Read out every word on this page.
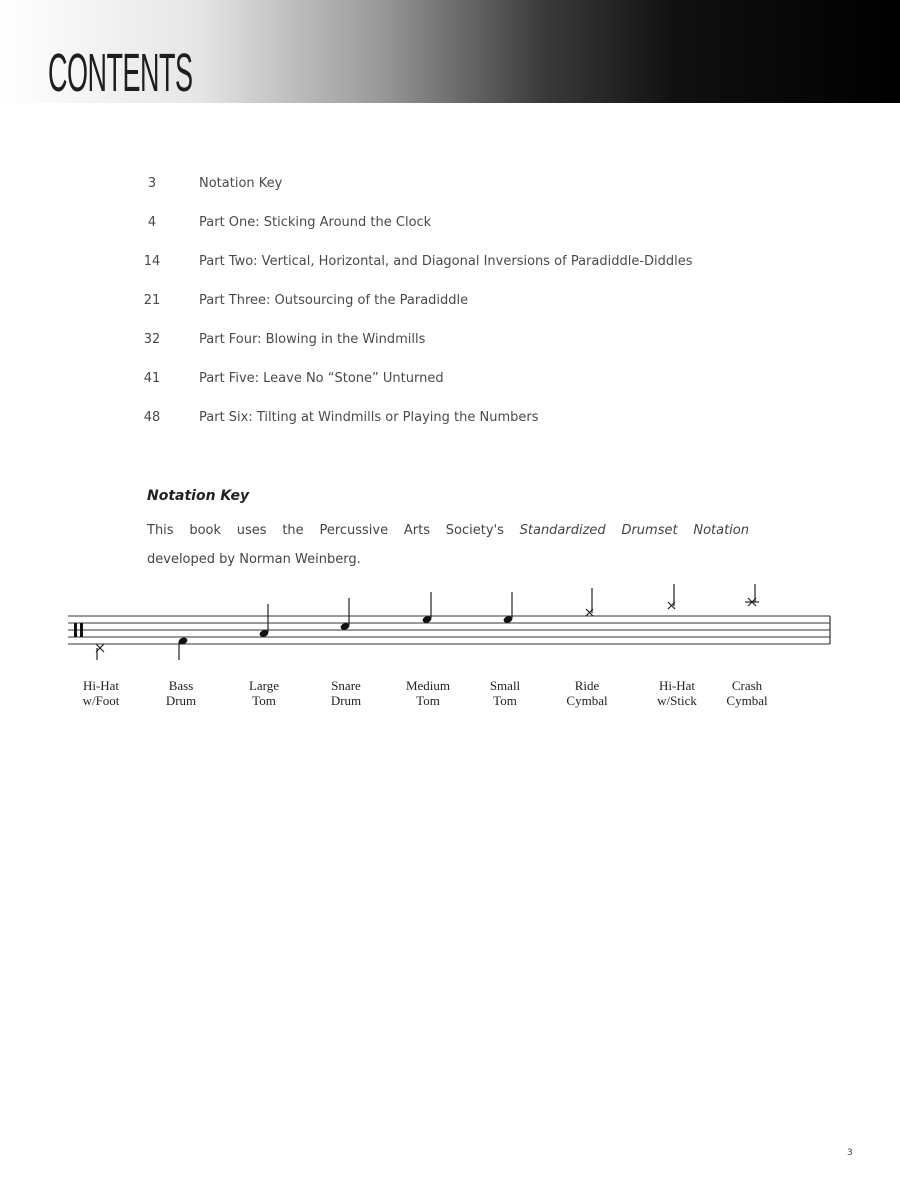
CONTENTS
3	Notation Key
4	Part One: Sticking Around the Clock
14	Part Two: Vertical, Horizontal, and Diagonal Inversions of Paradiddle-Diddles
21	Part Three: Outsourcing of the Paradiddle
32	Part Four: Blowing in the Windmills
41	Part Five: Leave No “Stone” Unturned
48	Part Six: Tilting at Windmills or Playing the Numbers
Notation Key
This book uses the Percussive Arts Society's Standardized Drumset Notation
developed by Norman Weinberg.
Hi-Hat
w/Foot
Bass
Drum
Large
Tom
Snare
Drum
Medium
Tom
Small
Tom
Ride
Cymbal
Hi-Hat
w/Stick
Crash
Cymbal
3
